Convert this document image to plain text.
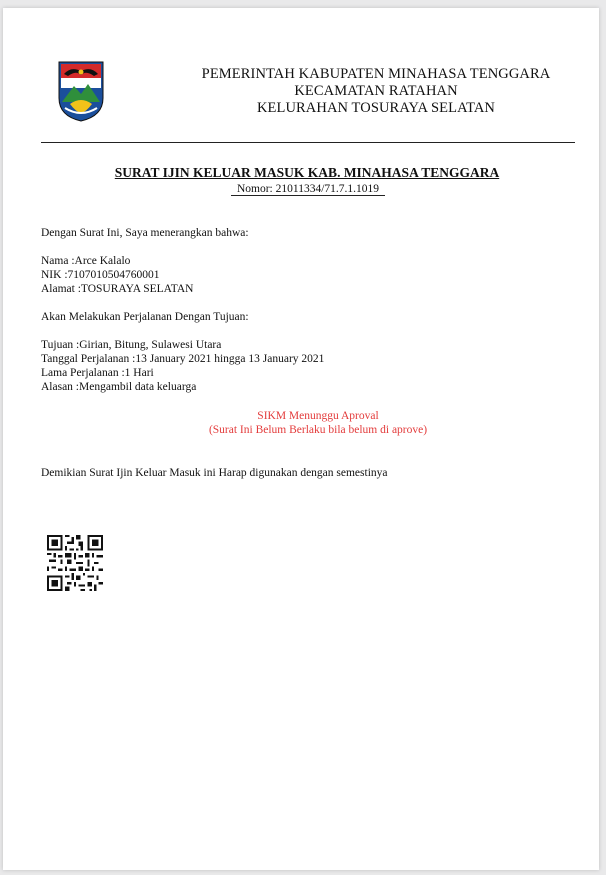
PEMERINTAH KABUPATEN MINAHASA TENGGARA
KECAMATAN RATAHAN
KELURAHAN TOSURAYA SELATAN
SURAT IJIN KELUAR MASUK KAB. MINAHASA TENGGARA
Nomor: 21011334/71.7.1.1019
Dengan Surat Ini, Saya menerangkan bahwa:
Nama :Arce Kalalo
NIK :7107010504760001
Alamat :TOSURAYA SELATAN
Akan Melakukan Perjalanan Dengan Tujuan:
Tujuan :Girian, Bitung, Sulawesi Utara
Tanggal Perjalanan :13 January 2021 hingga 13 January 2021
Lama Perjalanan :1 Hari
Alasan :Mengambil data keluarga
SIKM Menunggu Aproval
(Surat Ini Belum Berlaku bila belum di aprove)
Demikian Surat Ijin Keluar Masuk ini Harap digunakan dengan semestinya
